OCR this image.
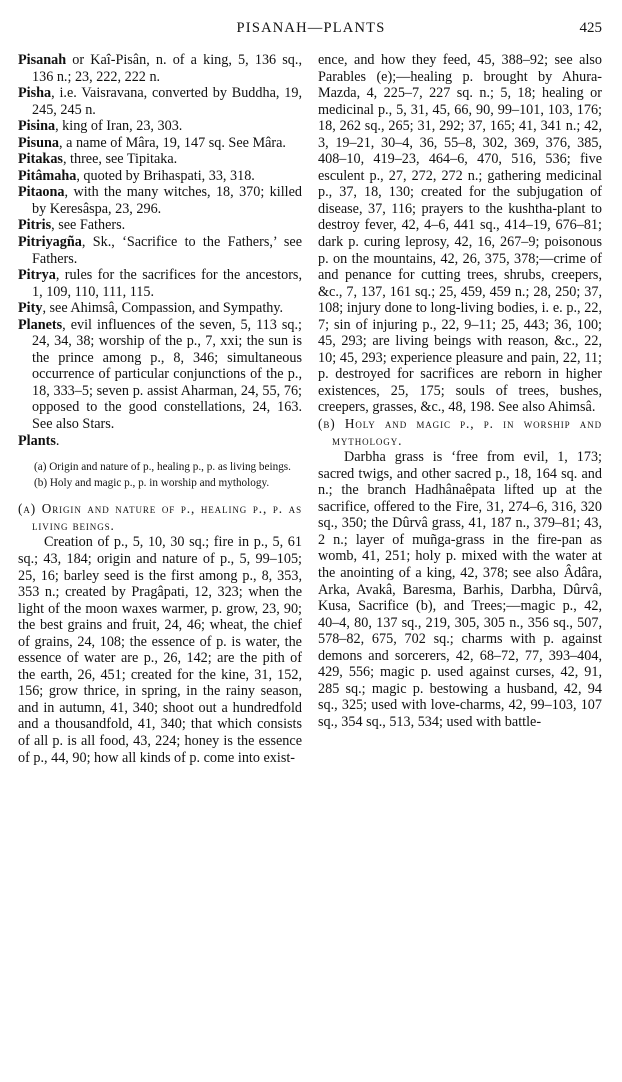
PISANAH—PLANTS	425

Pisanah or Kaî-Pisân, n. of a king, 5, 136 sq., 136 n.; 23, 222, 222 n.

Pisha, i.e. Vaisravana, converted by Buddha, 19, 245, 245 n.

Pisina, king of Iran, 23, 303.

Pisuna, a name of Mâra, 19, 147 sq. See Mâra.

Pitakas, three, see Tipitaka.

Pitâmaha, quoted by Brihaspati, 33, 318.

Pitaona, with the many witches, 18, 370; killed by Keresâspa, 23, 296.

Pitris, see Fathers.

Pitriyagña, Sk., ‘Sacrifice to the Fathers,’ see Fathers.

Pitrya, rules for the sacrifices for the ancestors, 1, 109, 110, 111, 115.

Pity, see Ahimsâ, Compassion, and Sympathy.

Planets, evil influences of the seven, 5, 113 sq.; 24, 34, 38; worship of the p., 7, xxi; the sun is the prince among p., 8, 346; simultaneous occurrence of particular conjunctions of the p., 18, 333–5; seven p. assist Aharman, 24, 55, 76; opposed to the good constellations, 24, 163. See also Stars.

Plants.

(a) Origin and nature of p., healing p., p. as living beings.

(b) Holy and magic p., p. in worship and mythology.

(a) Origin and nature of p., healing p., p. as living beings.

Creation of p., 5, 10, 30 sq.; fire in p., 5, 61 sq.; 43, 184; origin and nature of p., 5, 99–105; 25, 16; barley seed is the first among p., 8, 353, 353 n.; created by Pragâpati, 12, 323; when the light of the moon waxes warmer, p. grow, 23, 90; the best grains and fruit, 24, 46; wheat, the chief of grains, 24, 108; the essence of p. is water, the essence of water are p., 26, 142; are the pith of the earth, 26, 451; created for the kine, 31, 152, 156; grow thrice, in spring, in the rainy season, and in autumn, 41, 340; shoot out a hundredfold and a thousandfold, 41, 340; that which consists of all p. is all food, 43, 224; honey is the essence of p., 44, 90; how all kinds of p. come into exist-

ence, and how they feed, 45, 388–92; see also Parables (e);—healing p. brought by Ahura-Mazda, 4, 225–7, 227 sq. n.; 5, 18; healing or medicinal p., 5, 31, 45, 66, 90, 99–101, 103, 176; 18, 262 sq., 265; 31, 292; 37, 165; 41, 341 n.; 42, 3, 19–21, 30–4, 36, 55–8, 302, 369, 376, 385, 408–10, 419–23, 464–6, 470, 516, 536; five esculent p., 27, 272, 272 n.; gathering medicinal p., 37, 18, 130; created for the subjugation of disease, 37, 116; prayers to the kushtha-plant to destroy fever, 42, 4–6, 441 sq., 414–19, 676–81; dark p. curing leprosy, 42, 16, 267–9; poisonous p. on the mountains, 42, 26, 375, 378;—crime of and penance for cutting trees, shrubs, creepers, &c., 7, 137, 161 sq.; 25, 459, 459 n.; 28, 250; 37, 108; injury done to long-living bodies, i. e. p., 22, 7; sin of injuring p., 22, 9–11; 25, 443; 36, 100; 45, 293; are living beings with reason, &c., 22, 10; 45, 293; experience pleasure and pain, 22, 11; p. destroyed for sacrifices are reborn in higher existences, 25, 175; souls of trees, bushes, creepers, grasses, &c., 48, 198. See also Ahimsâ.

(b) Holy and magic p., p. in worship and mythology.

Darbha grass is ‘free from evil, 1, 173; sacred twigs, and other sacred p., 18, 164 sq. and n.; the branch Hadhânaêpata lifted up at the sacrifice, offered to the Fire, 31, 274–6, 316, 320 sq., 350; the Dûrvâ grass, 41, 187 n., 379–81; 43, 2 n.; layer of muñga-grass in the fire-pan as womb, 41, 251; holy p. mixed with the water at the anointing of a king, 42, 378; see also Âdâra, Arka, Avakâ, Baresma, Barhis, Darbha, Dûrvâ, Kusa, Sacrifice (b), and Trees;—magic p., 42, 40–4, 80, 137 sq., 219, 305, 305 n., 356 sq., 507, 578–82, 675, 702 sq.; charms with p. against demons and sorcerers, 42, 68–72, 77, 393–404, 429, 556; magic p. used against curses, 42, 91, 285 sq.; magic p. bestowing a husband, 42, 94 sq., 325; used with love-charms, 42, 99–103, 107 sq., 354 sq., 513, 534; used with battle-
